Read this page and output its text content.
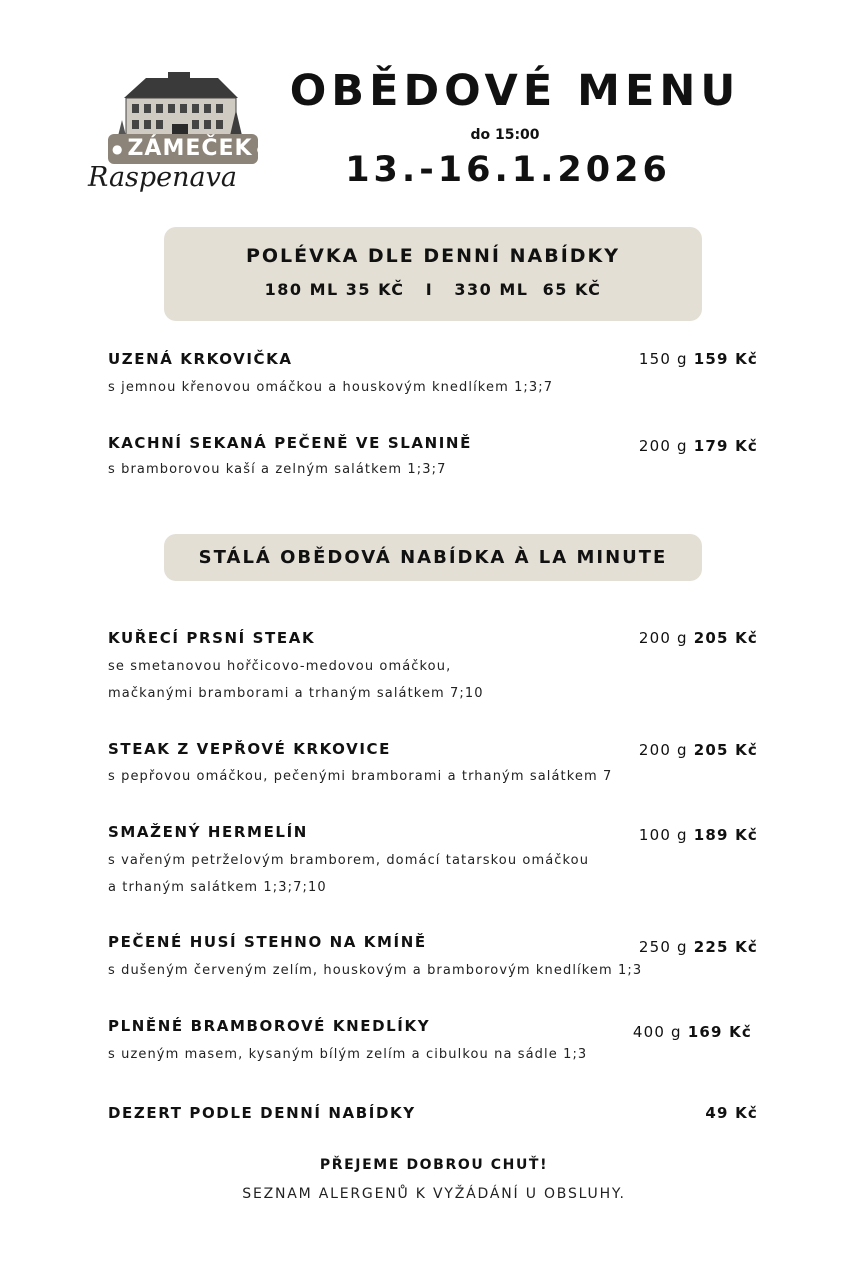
● ZÁMEČEK ●
Raspenava
OBĚDOVÉ MENU
do 15:00
13.-16.1.2026
POLÉVKA DLE DENNÍ NABÍDKY
180 ML 35 KČ   I   330 ML  65 KČ
UZENÁ KRKOVIČKA	150 g 159 Kč
s jemnou křenovou omáčkou a houskovým knedlíkem 1;3;7
KACHNÍ SEKANÁ PEČENĚ VE SLANINĚ	200 g 179 Kč
s bramborovou kaší a zelným salátkem 1;3;7
STÁLÁ OBĚDOVÁ NABÍDKA À LA MINUTE
KUŘECÍ PRSNÍ STEAK	200 g 205 Kč
se smetanovou hořčicovo-medovou omáčkou,
mačkanými bramborami a trhaným salátkem 7;10
STEAK Z VEPŘOVÉ KRKOVICE	200 g 205 Kč
s pepřovou omáčkou, pečenými bramborami a trhaným salátkem 7
SMAŽENÝ HERMELÍN	100 g 189 Kč
s vařeným petrželovým bramborem, domácí tatarskou omáčkou
a trhaným salátkem 1;3;7;10
PEČENÉ HUSÍ STEHNO NA KMÍNĚ	250 g 225 Kč
s dušeným červeným zelím, houskovým a bramborovým knedlíkem 1;3
PLNĚNÉ BRAMBOROVÉ KNEDLÍKY	400 g 169 Kč
s uzeným masem, kysaným bílým zelím a cibulkou na sádle 1;3
DEZERT PODLE DENNÍ NABÍDKY	49 Kč
PŘEJEME DOBROU CHUŤ!
SEZNAM ALERGENŮ K VYŽÁDÁNÍ U OBSLUHY.
